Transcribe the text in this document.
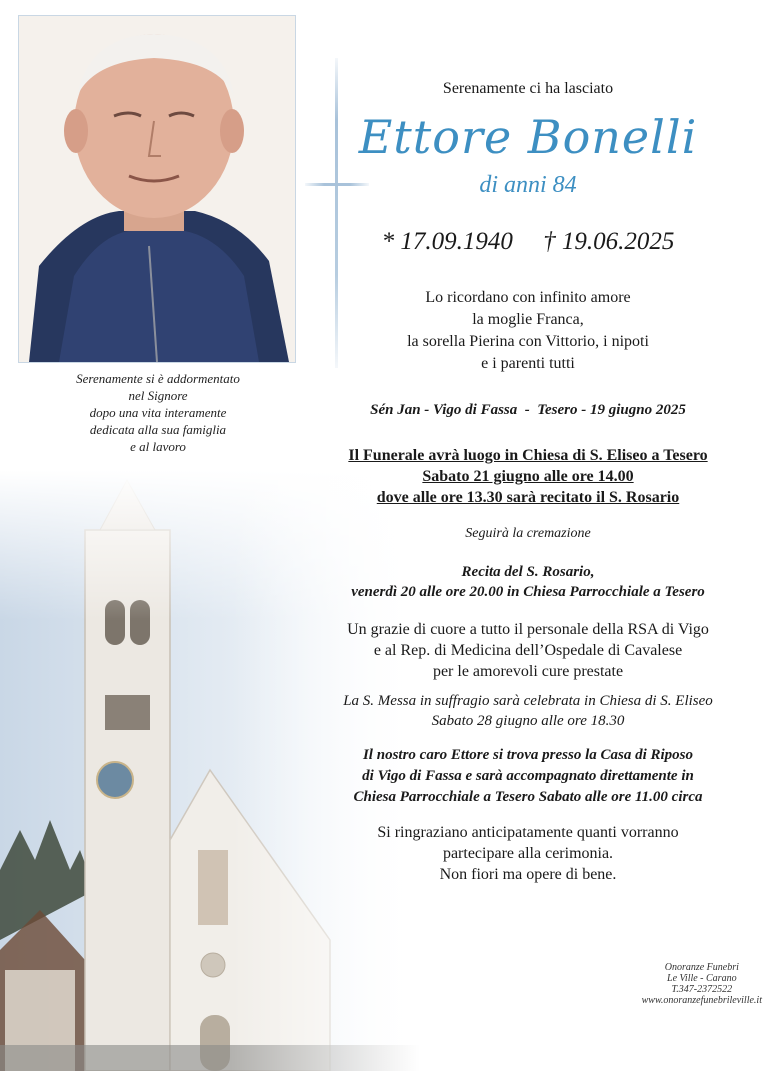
Serenamente si è addormentato
nel Signore
dopo una vita interamente
dedicata alla sua famiglia
e al lavoro
Serenamente ci ha lasciato
Ettore Bonelli
di anni 84
* 17.09.1940 † 19.06.2025
Lo ricordano con infinito amore
la moglie Franca,
la sorella Pierina con Vittorio, i nipoti
e i parenti tutti
Sén Jan - Vigo di Fassa  -  Tesero - 19 giugno 2025
Il Funerale avrà luogo in Chiesa di S. Eliseo a Tesero
Sabato 21 giugno alle ore 14.00
dove alle ore 13.30 sarà recitato il S. Rosario
Seguirà la cremazione
Recita del S. Rosario,
venerdì 20 alle ore 20.00 in Chiesa Parrocchiale a Tesero
Un grazie di cuore a tutto il personale della RSA di Vigo
e al Rep. di Medicina dell’Ospedale di Cavalese
per le amorevoli cure prestate
La S. Messa in suffragio sarà celebrata in Chiesa di S. Eliseo
Sabato 28 giugno alle ore 18.30
Il nostro caro Ettore si trova presso la Casa di Riposo
di Vigo di Fassa e sarà accompagnato direttamente in
Chiesa Parrocchiale a Tesero Sabato alle ore 11.00 circa
Si ringraziano anticipatamente quanti vorranno
partecipare alla cerimonia.
Non fiori ma opere di bene.
Onoranze Funebri
Le Ville - Carano
T.347-2372522
www.onoranzefunebrileville.it
